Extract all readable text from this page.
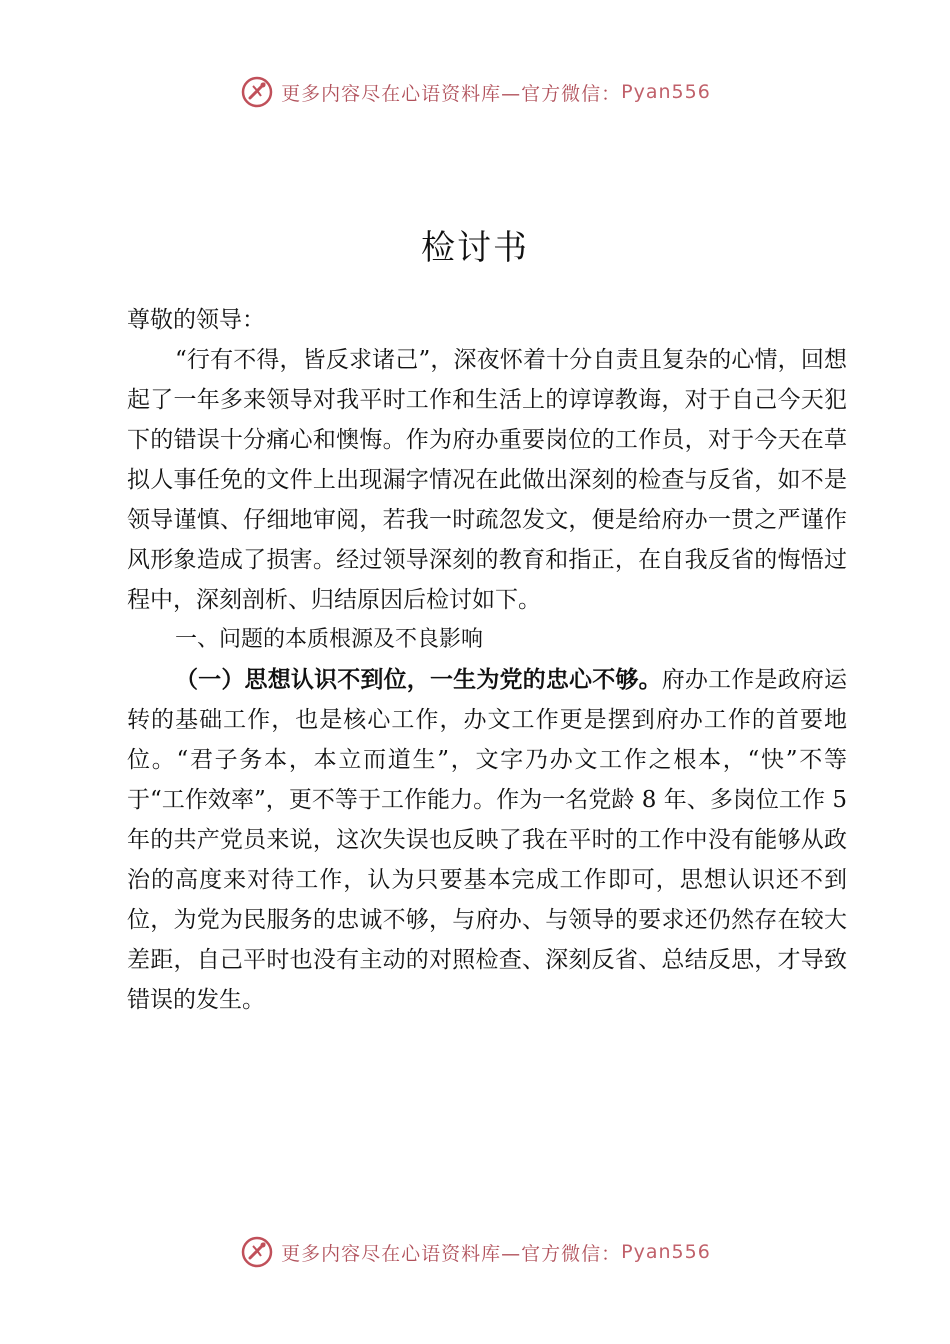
更多内容尽在心语资料库—官方微信： Pyan556
检讨书

尊敬的领导：

“行有不得，皆反求诸己”，深夜怀着十分自责且复杂的心情，回想起了一年多来领导对我平时工作和生活上的谆谆教诲，对于自己今天犯下的错误十分痛心和懊悔。作为府办重要岗位的工作员，对于今天在草拟人事任免的文件上出现漏字情况在此做出深刻的检查与反省，如不是领导谨慎、仔细地审阅，若我一时疏忽发文，便是给府办一贯之严谨作风形象造成了损害。经过领导深刻的教育和指正，在自我反省的悔悟过程中，深刻剖析、归结原因后检讨如下。

一、问题的本质根源及不良影响

（一）思想认识不到位，一生为党的忠心不够。府办工作是政府运转的基础工作，也是核心工作，办文工作更是摆到府办工作的首要地位。“君子务本，本立而道生”，文字乃办文工作之根本，“快”不等于“工作效率”，更不等于工作能力。作为一名党龄 8 年、多岗位工作 5 年的共产党员来说，这次失误也反映了我在平时的工作中没有能够从政治的高度来对待工作，认为只要基本完成工作即可，思想认识还不到位，为党为民服务的忠诚不够，与府办、与领导的要求还仍然存在较大差距，自己平时也没有主动的对照检查、深刻反省、总结反思，才导致错误的发生。

更多内容尽在心语资料库—官方微信： Pyan556
